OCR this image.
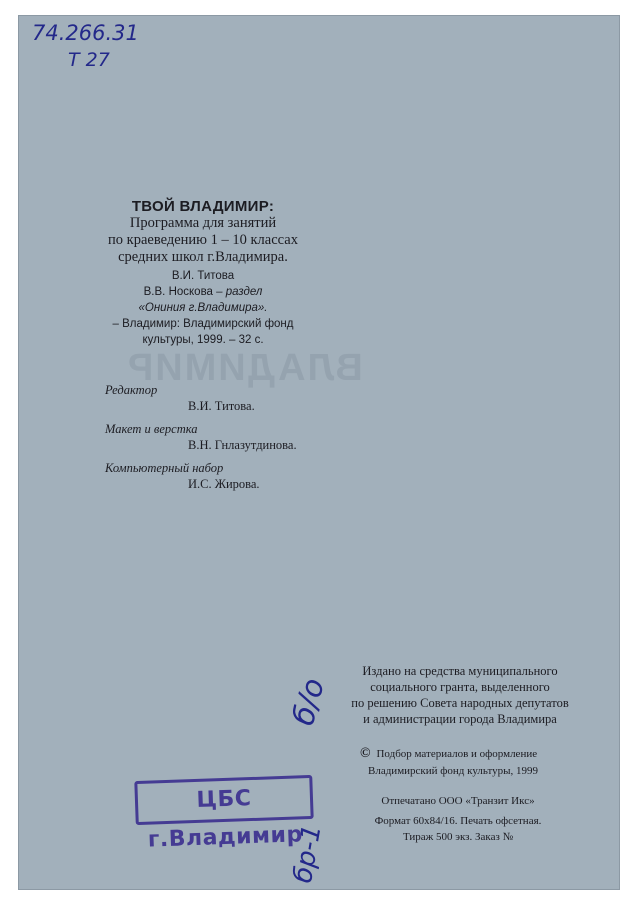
ВЛАДИМИР
74.266.31
T 27
ТВОЙ ВЛАДИМИР:
Программа для занятий
по краеведению 1 – 10 классах
средних школ г.Владимира.
В.И. Титова
В.В. Носкова – раздел
«Ониния г.Владимира».
– Владимир: Владимирский фонд
культуры, 1999. – 32 с.
Редактор
В.И. Титова.
Макет и верстка
В.Н. Гнлазутдинова.
Компьютерный набор
И.С. Жирова.
Издано на средства муниципального
социального гранта, выделенного
по решению Совета народных депутатов
и администрации города Владимира
© Подбор материалов и оформление
Владимирский фонд культуры, 1999
Отпечатано ООО «Транзит Икс»
Формат 60x84/16. Печать офсетная.
Тираж 500 экз. Заказ №
б/о
бр-1
ЦБС г.Владимир
